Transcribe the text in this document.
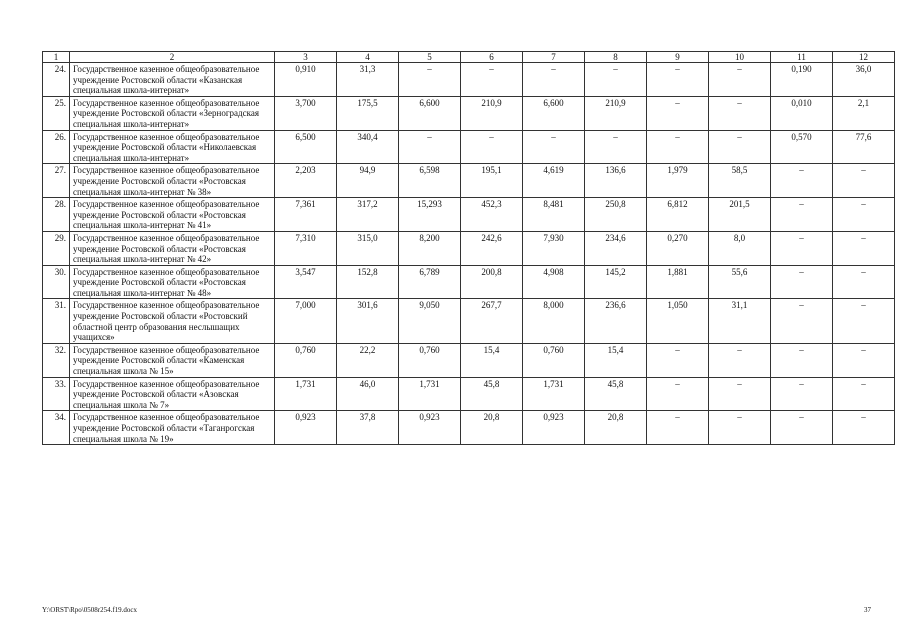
1	2	3	4	5	6	7	8	9	10	11	12
24.	Государственное казенное общеобразовательное учреждение Ростовской области «Казанская специальная школа-интернат»	0,910	31,3	–	–	–	–	–	–	0,190	36,0
25.	Государственное казенное общеобразовательное учреждение Ростовской области «Зерноградская специальная школа-интернат»	3,700	175,5	6,600	210,9	6,600	210,9	–	–	0,010	2,1
26.	Государственное казенное общеобразовательное учреждение Ростовской области «Николаевская специальная школа-интернат»	6,500	340,4	–	–	–	–	–	–	0,570	77,6
27.	Государственное казенное общеобразовательное учреждение Ростовской области «Ростовская специальная школа-интернат № 38»	2,203	94,9	6,598	195,1	4,619	136,6	1,979	58,5	–	–
28.	Государственное казенное общеобразовательное учреждение Ростовской области «Ростовская специальная школа-интернат № 41»	7,361	317,2	15,293	452,3	8,481	250,8	6,812	201,5	–	–
29.	Государственное казенное общеобразовательное учреждение Ростовской области «Ростовская специальная школа-интернат № 42»	7,310	315,0	8,200	242,6	7,930	234,6	0,270	8,0	–	–
30.	Государственное казенное общеобразовательное учреждение Ростовской области «Ростовская специальная школа-интернат № 48»	3,547	152,8	6,789	200,8	4,908	145,2	1,881	55,6	–	–
31.	Государственное казенное общеобразовательное учреждение Ростовской области «Ростовский областной центр образования неслышащих учащихся»	7,000	301,6	9,050	267,7	8,000	236,6	1,050	31,1	–	–
32.	Государственное казенное общеобразовательное учреждение Ростовской области «Каменская специальная школа № 15»	0,760	22,2	0,760	15,4	0,760	15,4	–	–	–	–
33.	Государственное казенное общеобразовательное учреждение Ростовской области «Азовская специальная школа № 7»	1,731	46,0	1,731	45,8	1,731	45,8	–	–	–	–
34.	Государственное казенное общеобразовательное учреждение Ростовской области «Таганрогская специальная школа № 19»	0,923	37,8	0,923	20,8	0,923	20,8	–	–	–	–
Y:\ORST\Rpo\0508r254.f19.docx	37
